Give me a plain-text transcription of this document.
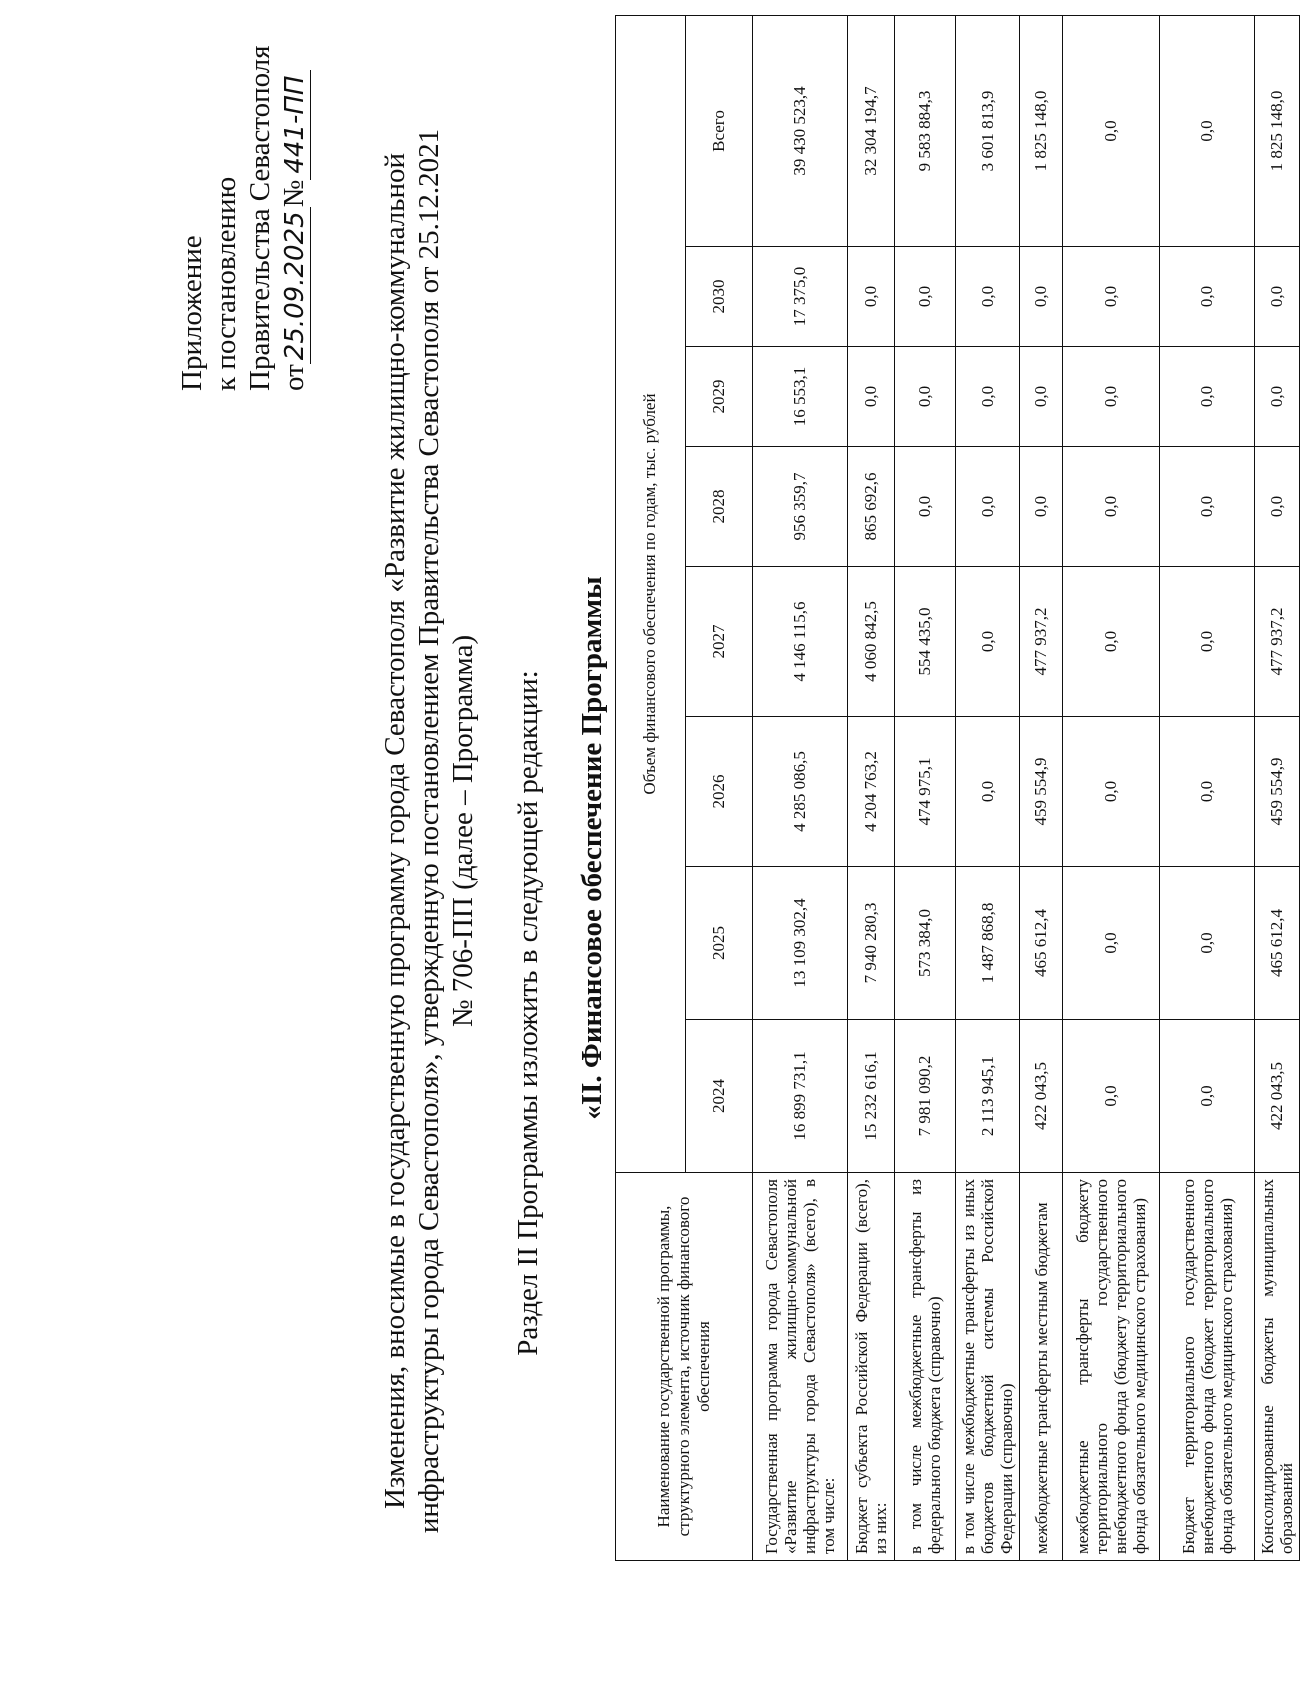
Приложение к постановлению Правительства Севастополя от25.09.2025№441-ПП
Изменения, вносимые в государственную программу города Севастополя «Развитие жилищно-коммунальной инфраструктуры города Севастополя», утвержденную постановлением Правительства Севастополя от 25.12.2021 № 706-ПП (далее – Программа) Раздел II Программы изложить в следующей редакции: «II. Финансовое обеспечение Программы
Наименование государственной программы, структурного элемента, источник финансового обеспечения	Объем финансового обеспечения по годам, тыс. рублей							
	2024	2025	2026	2027	2028	2029	2030	Всего
Государственная программа города Севастополя «Развитие жилищно-коммунальной инфраструктуры города Севастополя» (всего), в том числе:	16 899 731,1	13 109 302,4	4 285 086,5	4 146 115,6	956 359,7	16 553,1	17 375,0	39 430 523,4
Бюджет субъекта Российской Федерации (всего), из них:	15 232 616,1	7 940 280,3	4 204 763,2	4 060 842,5	865 692,6	0,0	0,0	32 304 194,7
в том числе межбюджетные трансферты из федерального бюджета (справочно)	7 981 090,2	573 384,0	474 975,1	554 435,0	0,0	0,0	0,0	9 583 884,3
в том числе межбюджетные трансферты из иных бюджетов бюджетной системы Российской Федерации (справочно)	2 113 945,1	1 487 868,8	0,0	0,0	0,0	0,0	0,0	3 601 813,9
межбюджетные трансферты местным бюджетам	422 043,5	465 612,4	459 554,9	477 937,2	0,0	0,0	0,0	1 825 148,0
межбюджетные трансферты бюджету территориального государственного внебюджетного фонда (бюджету территориального фонда обязательного медицинского страхования)	0,0	0,0	0,0	0,0	0,0	0,0	0,0	0,0
Бюджет территориального государственного внебюджетного фонда (бюджет территориального фонда обязательного медицинского страхования)	0,0	0,0	0,0	0,0	0,0	0,0	0,0	0,0
Консолидированные бюджеты муниципальных образований	422 043,5	465 612,4	459 554,9	477 937,2	0,0	0,0	0,0	1 825 148,0
